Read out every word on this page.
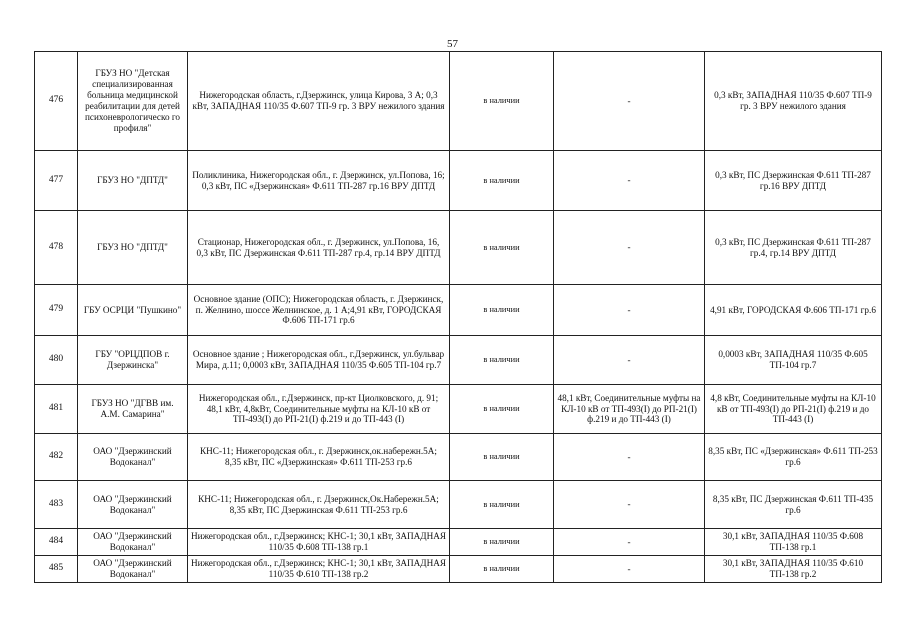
57
476	ГБУЗ НО "Детская специализированная больница медицинской реабилитации для детей психоневрологическо го профиля"	Нижегородская область, г.Дзержинск, улица Кирова, 3 А; 0,3 кВт, ЗАПАДНАЯ 110/35 Ф.607 ТП-9 гр. 3 ВРУ нежилого здания	в наличии	-	0,3 кВт, ЗАПАДНАЯ 110/35 Ф.607 ТП-9 гр. 3 ВРУ нежилого здания
477	ГБУЗ НО "ДПТД"	Поликлиника, Нижегородская обл., г. Дзержинск, ул.Попова, 16; 0,3 кВт, ПС «Дзержинская» Ф.611 ТП-287 гр.16 ВРУ ДПТД	в наличии	-	0,3 кВт, ПС Дзержинская Ф.611 ТП-287 гр.16 ВРУ ДПТД
478	ГБУЗ НО "ДПТД"	Стационар, Нижегородская обл., г. Дзержинск, ул.Попова, 16, 0,3 кВт, ПС Дзержинская Ф.611 ТП-287 гр.4, гр.14 ВРУ ДПТД	в наличии	-	0,3 кВт, ПС Дзержинская Ф.611 ТП-287 гр.4, гр.14 ВРУ ДПТД
479	ГБУ ОСРЦИ "Пушкино"	Основное здание (ОПС); Нижегородская область, г. Дзержинск, п. Желнино, шоссе Желнинское, д. 1 А;4,91 кВт, ГОРОДСКАЯ Ф.606 ТП-171 гр.6	в наличии	-	4,91 кВт, ГОРОДСКАЯ Ф.606 ТП-171 гр.6
480	ГБУ "ОРЦДПОВ г. Дзержинска"	Основное здание ; Нижегородская обл., г.Дзержинск, ул.бульвар Мира, д.11; 0,0003 кВт, ЗАПАДНАЯ 110/35 Ф.605 ТП-104 гр.7	в наличии	-	0,0003 кВт, ЗАПАДНАЯ 110/35 Ф.605 ТП-104 гр.7
481	ГБУЗ НО "ДГВВ им. А.М. Самарина"	Нижегородская обл., г.Дзержинск, пр-кт Циолковского, д. 91; 48,1 кВт, 4,8кВт, Соединительные муфты на КЛ-10 кВ от ТП-493(I) до РП-21(I) ф.219 и до ТП-443 (I)	в наличии	48,1 кВт, Соединительные муфты на КЛ-10 кВ от ТП-493(I) до РП-21(I) ф.219 и до ТП-443 (I)	4,8 кВт, Соединительные муфты на КЛ-10 кВ от ТП-493(I) до РП-21(I) ф.219 и до ТП-443 (I)
482	ОАО "Дзержинский Водоканал"	КНС-11; Нижегородская обл., г. Дзержинск,ок.набережн.5А; 8,35 кВт, ПС «Дзержинская» Ф.611 ТП-253 гр.6	в наличии	-	8,35 кВт, ПС «Дзержинская» Ф.611 ТП-253 гр.6
483	ОАО "Дзержинский Водоканал"	КНС-11; Нижегородская обл., г. Дзержинск,Ок.Набережн.5А; 8,35 кВт, ПС Дзержинская Ф.611 ТП-253 гр.6	в наличии	-	8,35 кВт, ПС Дзержинская Ф.611 ТП-435 гр.6
484	ОАО "Дзержинский Водоканал"	Нижегородская обл., г.Дзержинск; КНС-1; 30,1 кВт, ЗАПАДНАЯ 110/35 Ф.608 ТП-138 гр.1	в наличии	-	30,1 кВт, ЗАПАДНАЯ 110/35 Ф.608 ТП-138 гр.1
485	ОАО "Дзержинский Водоканал"	Нижегородская обл., г.Дзержинск; КНС-1; 30,1 кВт, ЗАПАДНАЯ 110/35 Ф.610 ТП-138 гр.2	в наличии	-	30,1 кВт, ЗАПАДНАЯ 110/35 Ф.610 ТП-138 гр.2
